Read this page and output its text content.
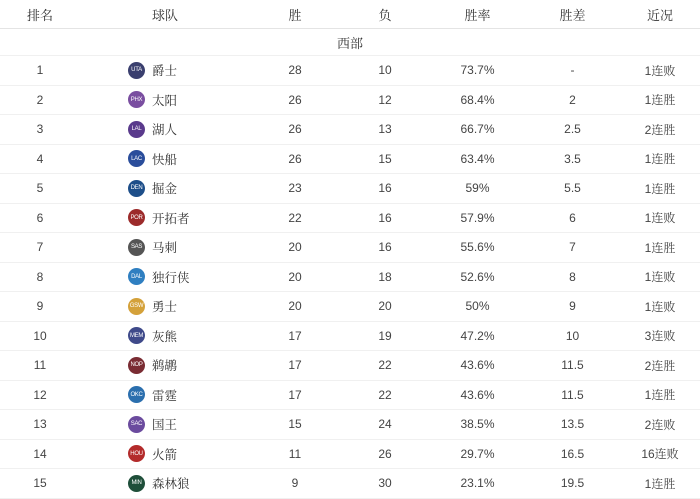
排名	球队	胜	负	胜率	胜差	近况
西部						
1	UTA 爵士	28	10	73.7%	-	1连败
2	PHX 太阳	26	12	68.4%	2	1连胜
3	LAL 湖人	26	13	66.7%	2.5	2连胜
4	LAC 快船	26	15	63.4%	3.5	1连胜
5	DEN 掘金	23	16	59%	5.5	1连胜
6	POR 开拓者	22	16	57.9%	6	1连败
7	SAS 马刺	20	16	55.6%	7	1连胜
8	DAL 独行侠	20	18	52.6%	8	1连败
9	GSW 勇士	20	20	50%	9	1连败
10	MEM 灰熊	17	19	47.2%	10	3连败
11	NOP 鹈鹕	17	22	43.6%	11.5	2连胜
12	OKC 雷霆	17	22	43.6%	11.5	1连胜
13	SAC 国王	15	24	38.5%	13.5	2连败
14	HOU 火箭	11	26	29.7%	16.5	16连败
15	MIN 森林狼	9	30	23.1%	19.5	1连胜
